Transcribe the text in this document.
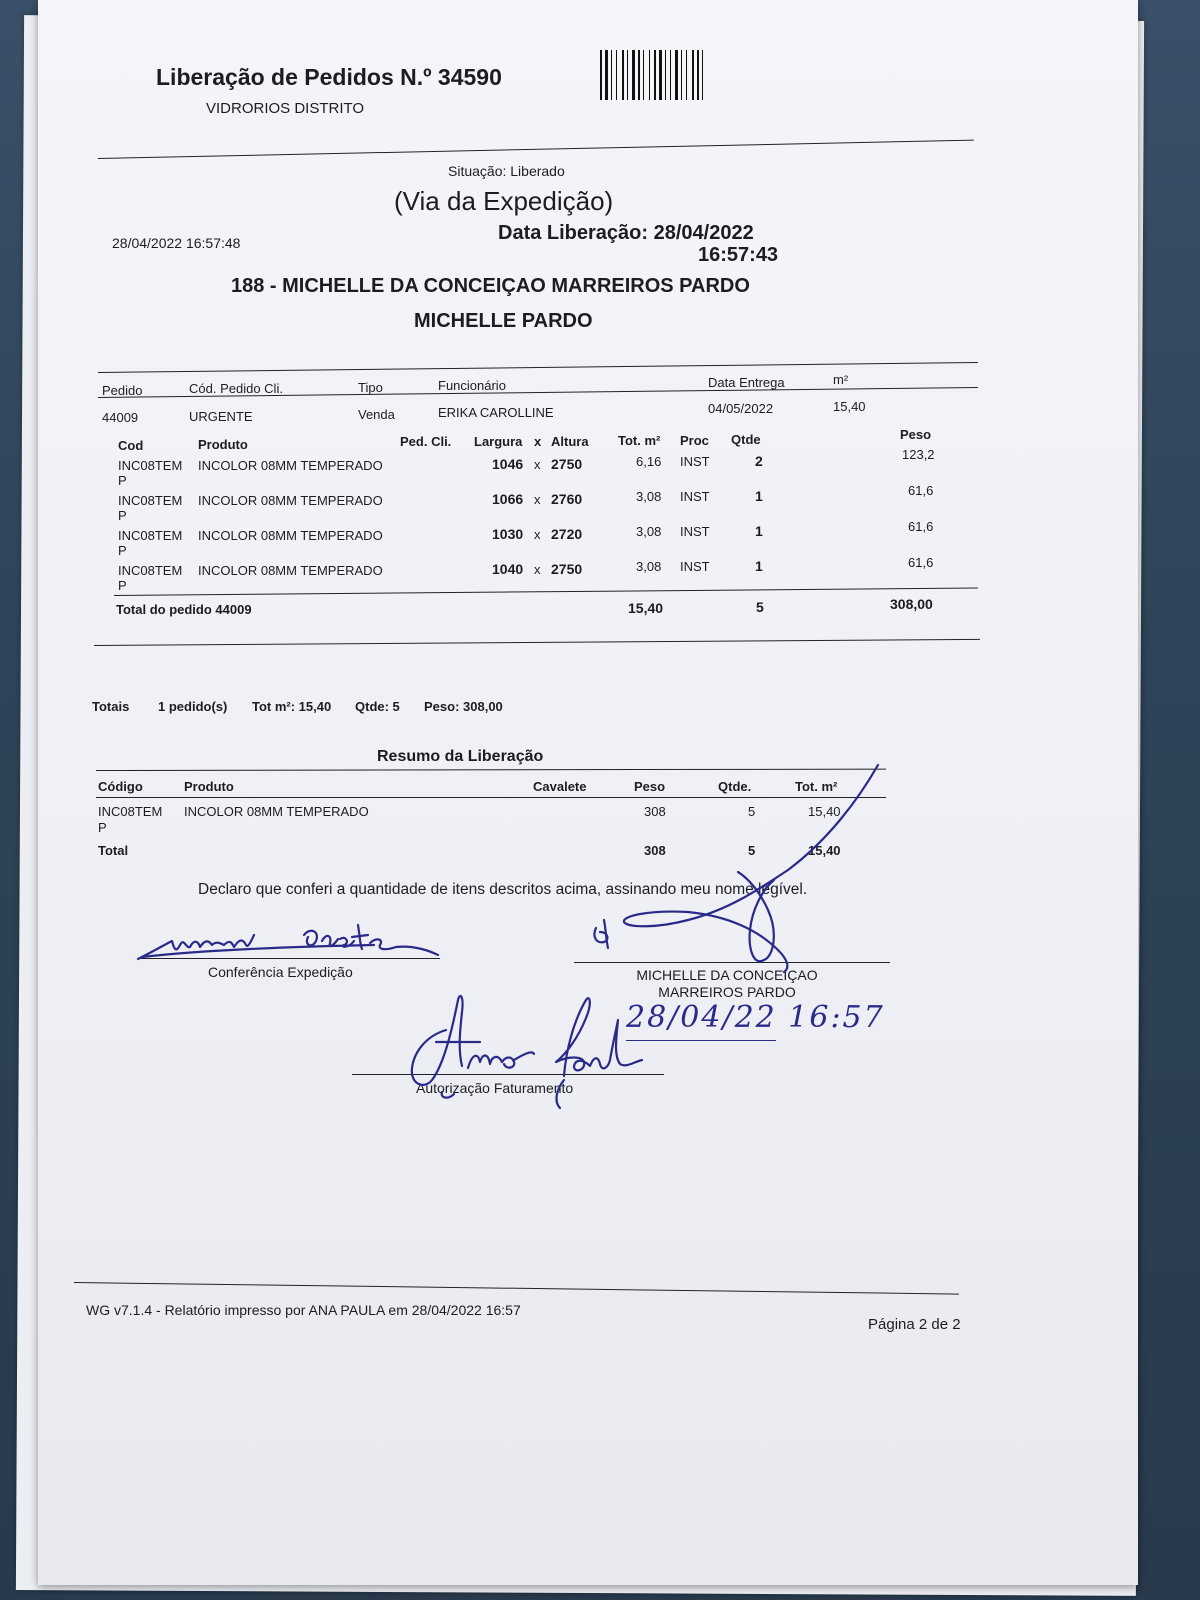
Liberação de Pedidos N.º 34590
VIDRORIOS DISTRITO
Situação: Liberado
(Via da Expedição)
28/04/2022 16:57:48	Data Liberação: 28/04/2022
16:57:43
188 - MICHELLE DA CONCEIÇAO MARREIROS PARDO
MICHELLE PARDO
Pedido	Cód. Pedido Cli.	Tipo	Funcionário	Data Entrega	m²
44009	URGENTE	Venda	ERIKA CAROLLINE	04/05/2022	15,40
Cod	Produto	Ped. Cli. Largura x Altura Tot. m² Proc Qtde	Peso
INC08TEM
P
INCOLOR 08MM TEMPERADO	1046 x 2750	6,16 INST	2	123,2
INC08TEM
P
INCOLOR 08MM TEMPERADO	1066 x 2760	3,08 INST	1	61,6
INC08TEM
P
INCOLOR 08MM TEMPERADO	1030 x 2720	3,08 INST	1	61,6
INC08TEM
P
INCOLOR 08MM TEMPERADO	1040 x 2750	3,08 INST	1	61,6
Total do pedido 44009	15,40	5	308,00
Totais 1 pedido(s) Tot m²: 15,40 Qtde: 5 Peso: 308,00
Resumo da Liberação
Código	Produto	Cavalete	Peso	Qtde.	Tot. m²
INC08TEM
P
INCOLOR 08MM TEMPERADO	308	5	15,40
Total	308	5	15,40
Declaro que conferi a quantidade de itens descritos acima, assinando meu nome legível.
Conferência Expedição	MICHELLE DA CONCEIÇAO
MARREIROS PARDO
Autorização Faturamento
28/04/22 16:57
WG v7.1.4 - Relatório impresso por ANA PAULA em 28/04/2022 16:57
Página 2 de 2
